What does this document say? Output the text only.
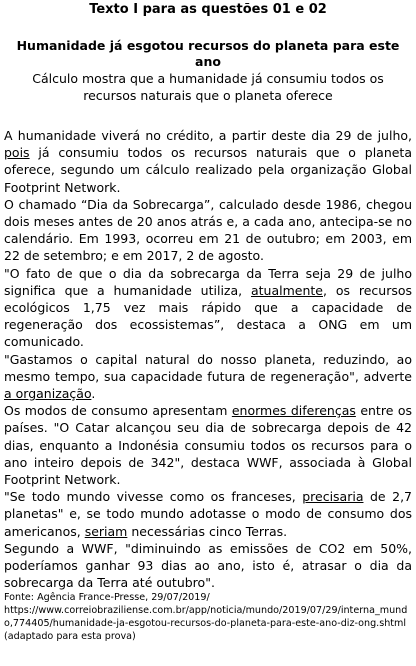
Texto I para as questões 01 e 02
Humanidade já esgotou recursos do planeta para este ano
Cálculo mostra que a humanidade já consumiu todos os recursos naturais que o planeta oferece

A humanidade viverá no crédito, a partir deste dia 29 de julho, pois já consumiu todos os recursos naturais que o planeta oferece, segundo um cálculo realizado pela organização Global Footprint Network.

O chamado “Dia da Sobrecarga”, calculado desde 1986, chegou dois meses antes de 20 anos atrás e, a cada ano, antecipa-se no calendário. Em 1993, ocorreu em 21 de outubro; em 2003, em 22 de setembro; e em 2017, 2 de agosto.

"O fato de que o dia da sobrecarga da Terra seja 29 de julho significa que a humanidade utiliza, atualmente, os recursos ecológicos 1,75 vez mais rápido que a capacidade de regeneração dos ecossistemas”, destaca a ONG em um comunicado.

"Gastamos o capital natural do nosso planeta, reduzindo, ao mesmo tempo, sua capacidade futura de regeneração", adverte a organização.

Os modos de consumo apresentam enormes diferenças entre os países. "O Catar alcançou seu dia de sobrecarga depois de 42 dias, enquanto a Indonésia consumiu todos os recursos para o ano inteiro depois de 342", destaca WWF, associada à Global Footprint Network.

"Se todo mundo vivesse como os franceses, precisaria de 2,7 planetas" e, se todo mundo adotasse o modo de consumo dos americanos, seriam necessárias cinco Terras.

Segundo a WWF, "diminuindo as emissões de CO2 em 50%, poderíamos ganhar 93 dias ao ano, isto é, atrasar o dia da sobrecarga da Terra até outubro".

Fonte: Agência France-Presse, 29/07/2019/
https://www.correiobraziliense.com.br/app/noticia/mundo/2019/07/29/interna_mundo,774405/humanidade-ja-esgotou-recursos-do-planeta-para-este-ano-diz-ong.shtml (adaptado para esta prova)
